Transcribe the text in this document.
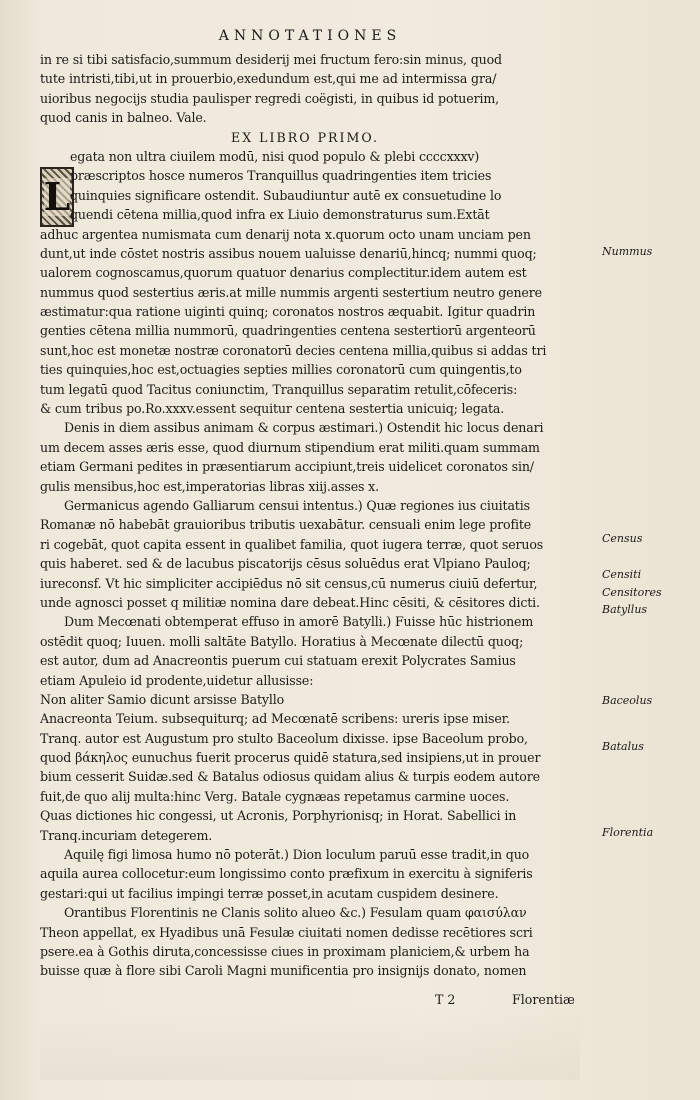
ANNOTATIONES
L
in re si tibi satisfacio,summum desiderij mei fructum fero:sin minus, quod
tute intristi,tibi,ut in prouerbio,exedundum est,qui me ad intermissa gra/
uioribus negocijs studia paulisper regredi coëgisti, in quibus id potuerim,
quod canis in balneo. Vale.
EX LIBRO PRIMO.
egata non ultra ciuilem modū, nisi quod populo & plebi ccccxxxv)
præscriptos hosce numeros Tranquillus quadringenties item tricies
quinquies significare ostendit. Subaudiuntur autē ex consuetudine lo
quendi cētena millia,quod infra ex Liuio demonstraturus sum.Extāt
adhuc argentea numismata cum denarij nota x.quorum octo unam unciam pen
dunt,ut inde cōstet nostris assibus nouem ualuisse denariū,hincq; nummi quoq;
ualorem cognoscamus,quorum quatuor denarius complectitur.idem autem est
nummus quod sestertius æris.at mille nummis argenti sestertium neutro genere
æstimatur:qua ratione uiginti quinq; coronatos nostros æquabit. Igitur quadrin
genties cētena millia nummorū, quadringenties centena sestertiorū argenteorū
sunt,hoc est monetæ nostræ coronatorū decies centena millia,quibus si addas tri
ties quinquies,hoc est,octuagies septies millies coronatorū cum quingentis,to
tum legatū quod Tacitus coniunctim, Tranquillus separatim retulit,cōfeceris:
& cum tribus po.Ro.xxxv.essent sequitur centena sestertia unicuiq; legata.
Denis in diem assibus animam & corpus æstimari.) Ostendit hic locus denari
um decem asses æris esse, quod diurnum stipendium erat militi.quam summam
etiam Germani pedites in præsentiarum accipiunt,treis uidelicet coronatos sin/
gulis mensibus,hoc est,imperatorias libras xiij.asses x.
Germanicus agendo Galliarum censui intentus.) Quæ regiones ius ciuitatis
Romanæ nō habebāt grauioribus tributis uexabātur. censuali enim lege profite
ri cogebāt, quot capita essent in qualibet familia, quot iugera terræ, quot seruos
quis haberet. sed & de lacubus piscatorijs cēsus soluēdus erat Vlpiano Pauloq;
iureconsf. Vt hic simpliciter accipiēdus nō sit census,cū numerus ciuiū defertur,
unde agnosci posset q militiæ nomina dare debeat.Hinc cēsiti, & cēsitores dicti.
Dum Mecœnati obtemperat effuso in amorē Batylli.) Fuisse hūc histrionem
ostēdit quoq; Iuuen. molli saltāte Batyllo. Horatius à Mecœnate dilectū quoq;
est autor, dum ad Anacreontis puerum cui statuam erexit Polycrates Samius
etiam Apuleio id prodente,uidetur allusisse:
Non aliter Samio dicunt arsisse Batyllo
Anacreonta Teium. subsequiturq; ad Mecœnatē scribens: ureris ipse miser.
Tranq. autor est Augustum pro stulto Baceolum dixisse. ipse Baceolum probo,
quod βάκηλος eunuchus fuerit procerus quidē statura,sed insipiens,ut in prouer
bium cesserit Suidæ.sed & Batalus odiosus quidam alius & turpis eodem autore
fuit,de quo alij multa:hinc Verg. Batale cygnæas repetamus carmine uoces.
Quas dictiones hic congessi, ut Acronis, Porphyrionisq; in Horat. Sabellici in
Tranq.incuriam detegerem.
Aquilę figi limosa humo nō poterāt.) Dion loculum paruū esse tradit,in quo
aquila aurea collocetur:eum longissimo conto præfixum in exercitu à signiferis
gestari:qui ut facilius impingi terræ posset,in acutam cuspidem desinere.
Orantibus Florentinis ne Clanis solito alueo &c.) Fesulam quam φαισύλαν
Theon appellat, ex Hyadibus unā Fesulæ ciuitati nomen dedisse recētiores scri
psere.ea à Gothis diruta,concessisse ciues in proximam planiciem,& urbem ha
buisse quæ à flore sibi Caroli Magni munificentia pro insignijs donato, nomen
Nummus
Census
Censiti
Censitores
Batyllus
Baceolus
Batalus
Florentia
T 2	Florentiæ
